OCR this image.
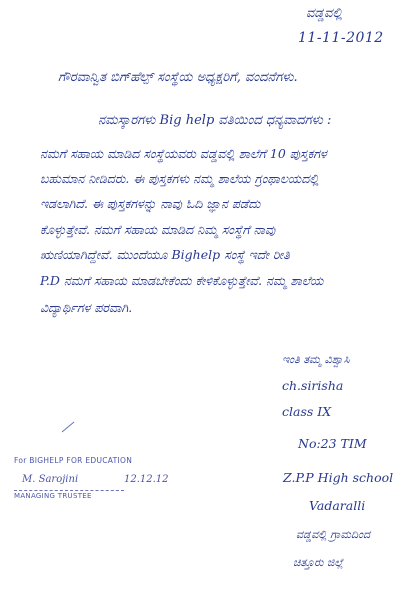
ವಡ್ಡವಲ್ಲಿ
11-11-2012
ಗೌರವಾನ್ವಿತ ಬಿಗ್‌ಹೆಲ್ಪ್ ಸಂಸ್ಥೆಯ ಅಧ್ಯಕ್ಷರಿಗೆ, ವಂದನೆಗಳು.
ನಮಸ್ಕಾರಗಳು Big help ವತಿಯಿಂದ ಧನ್ಯವಾದಗಳು :
ನಮಗೆ ಸಹಾಯ ಮಾಡಿದ ಸಂಸ್ಥೆಯವರು ವಡ್ಡವಲ್ಲಿ ಶಾಲೆಗೆ 10 ಪುಸ್ತಕಗಳ
ಬಹುಮಾನ ನೀಡಿದರು. ಈ ಪುಸ್ತಕಗಳು ನಮ್ಮ ಶಾಲೆಯ ಗ್ರಂಥಾಲಯದಲ್ಲಿ
ಇಡಲಾಗಿದೆ. ಈ ಪುಸ್ತಕಗಳನ್ನು ನಾವು ಓದಿ ಜ್ಞಾನ ಪಡೆದು
ಕೊಳ್ಳುತ್ತೇವೆ. ನಮಗೆ ಸಹಾಯ ಮಾಡಿದ ನಿಮ್ಮ ಸಂಸ್ಥೆಗೆ ನಾವು
ಋಣಿಯಾಗಿದ್ದೇವೆ. ಮುಂದೆಯೂ Bighelp ಸಂಸ್ಥೆ ಇದೇ ರೀತಿ
P.D ನಮಗೆ ಸಹಾಯ ಮಾಡಬೇಕೆಂದು ಕೇಳಿಕೊಳ್ಳುತ್ತೇವೆ. ನಮ್ಮ ಶಾಲೆಯ
ವಿದ್ಯಾರ್ಥಿಗಳ ಪರವಾಗಿ.
ಇಂತಿ ತಮ್ಮ ವಿಶ್ವಾಸಿ
ch.sirisha
class IX
No:23 TIM
Z.P.P High school
Vadaralli
ವಡ್ಡವಲ್ಲಿ ಗ್ರಾಮದಿಂದ
ಚಿತ್ತೂರು ಜಿಲ್ಲೆ
For BIGHELP FOR EDUCATION
M. Sarojini	12.12.12
MANAGING TRUSTEE
